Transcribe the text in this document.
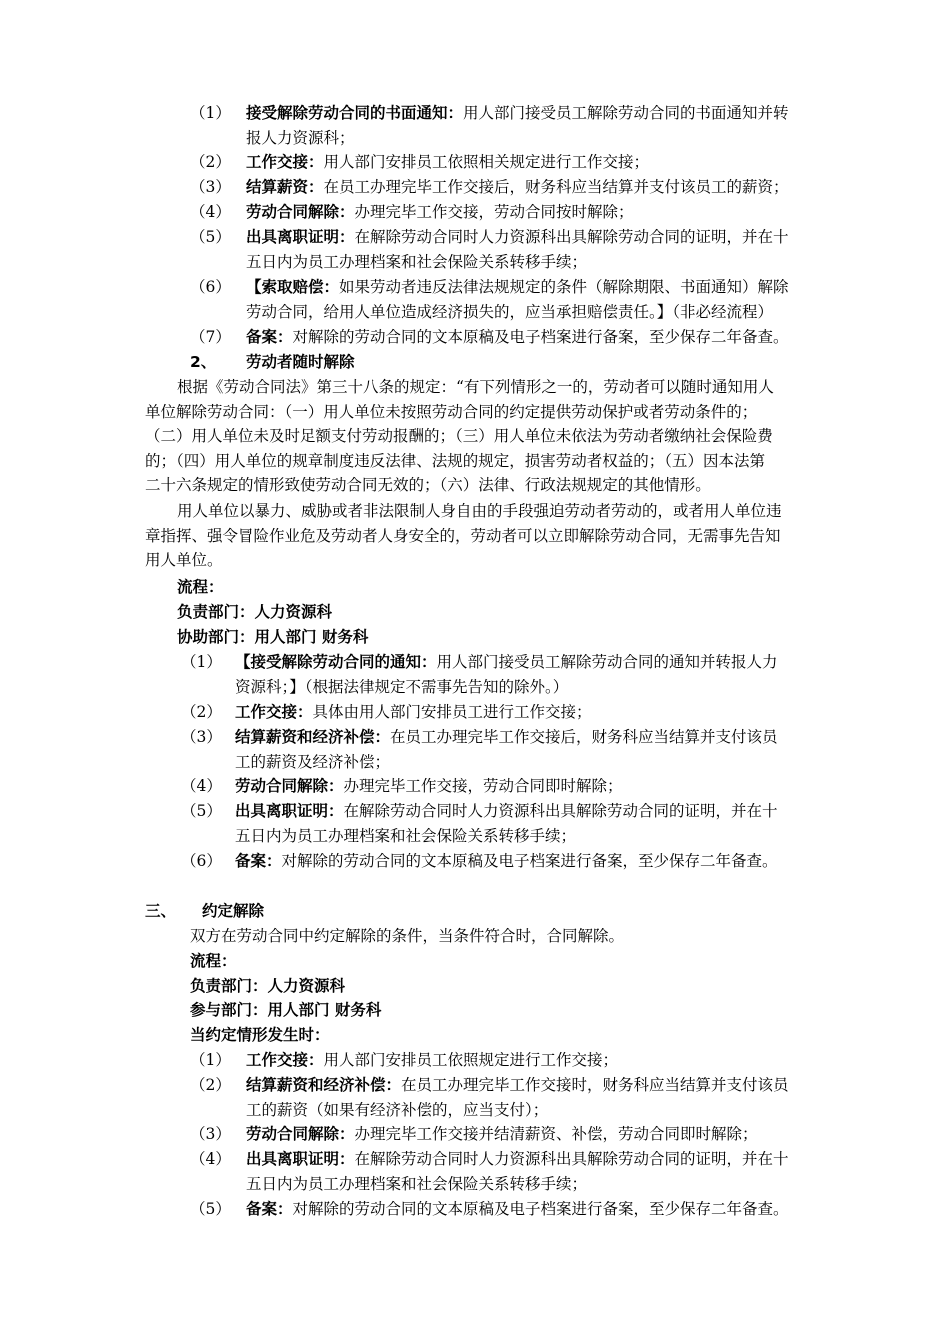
（1） 接受解除劳动合同的书面通知：用人部门接受员工解除劳动合同的书面通知并转
报人力资源科；
（2） 工作交接：用人部门安排员工依照相关规定进行工作交接；
（3） 结算薪资：在员工办理完毕工作交接后，财务科应当结算并支付该员工的薪资；
（4） 劳动合同解除：办理完毕工作交接，劳动合同按时解除；
（5） 出具离职证明：在解除劳动合同时人力资源科出具解除劳动合同的证明，并在十
五日内为员工办理档案和社会保险关系转移手续；
（6） 【索取赔偿：如果劳动者违反法律法规规定的条件（解除期限、书面通知）解除
劳动合同，给用人单位造成经济损失的，应当承担赔偿责任。】（非必经流程）
（7） 备案：对解除的劳动合同的文本原稿及电子档案进行备案，至少保存二年备查。
2、 劳动者随时解除
根据《劳动合同法》第三十八条的规定：“有下列情形之一的，劳动者可以随时通知用人
单位解除劳动合同：（一）用人单位未按照劳动合同的约定提供劳动保护或者劳动条件的；
（二）用人单位未及时足额支付劳动报酬的；（三）用人单位未依法为劳动者缴纳社会保险费
的；（四）用人单位的规章制度违反法律、法规的规定，损害劳动者权益的；（五）因本法第
二十六条规定的情形致使劳动合同无效的；（六）法律、行政法规规定的其他情形。
用人单位以暴力、威胁或者非法限制人身自由的手段强迫劳动者劳动的，或者用人单位违
章指挥、强令冒险作业危及劳动者人身安全的，劳动者可以立即解除劳动合同，无需事先告知
用人单位。
流程：
负责部门：人力资源科
协助部门：用人部门 财务科
（1） 【接受解除劳动合同的通知：用人部门接受员工解除劳动合同的通知并转报人力
资源科；】（根据法律规定不需事先告知的除外。）
（2） 工作交接：具体由用人部门安排员工进行工作交接；
（3） 结算薪资和经济补偿：在员工办理完毕工作交接后，财务科应当结算并支付该员
工的薪资及经济补偿；
（4） 劳动合同解除：办理完毕工作交接，劳动合同即时解除；
（5） 出具离职证明：在解除劳动合同时人力资源科出具解除劳动合同的证明，并在十
五日内为员工办理档案和社会保险关系转移手续；
（6） 备案：对解除的劳动合同的文本原稿及电子档案进行备案，至少保存二年备查。
三、 约定解除
双方在劳动合同中约定解除的条件，当条件符合时，合同解除。
流程：
负责部门：人力资源科
参与部门：用人部门 财务科
当约定情形发生时：
（1） 工作交接：用人部门安排员工依照规定进行工作交接；
（2） 结算薪资和经济补偿：在员工办理完毕工作交接时，财务科应当结算并支付该员
工的薪资（如果有经济补偿的，应当支付）；
（3） 劳动合同解除：办理完毕工作交接并结清薪资、补偿，劳动合同即时解除；
（4） 出具离职证明：在解除劳动合同时人力资源科出具解除劳动合同的证明，并在十
五日内为员工办理档案和社会保险关系转移手续；
（5） 备案：对解除的劳动合同的文本原稿及电子档案进行备案，至少保存二年备查。
